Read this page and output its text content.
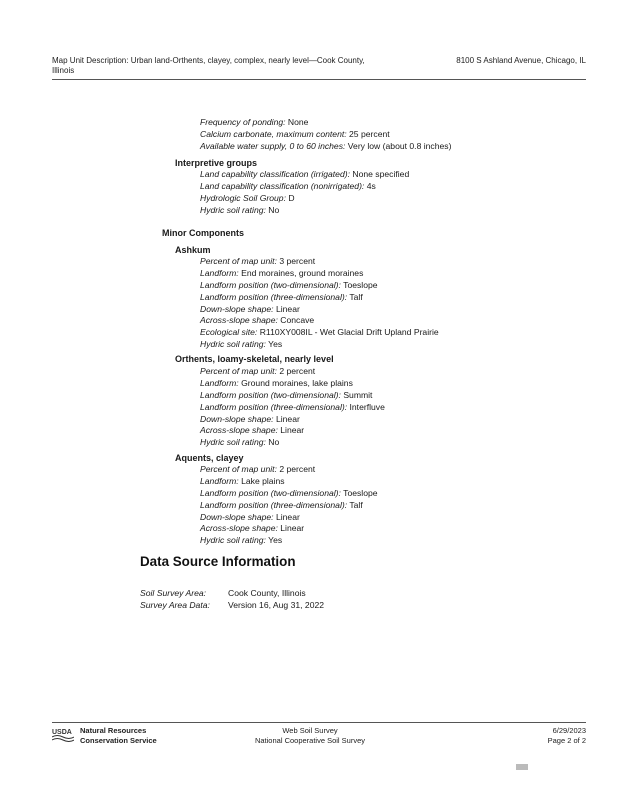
Map Unit Description: Urban land-Orthents, clayey, complex, nearly level—Cook County,
Illinois
8100 S Ashland Avenue, Chicago, IL
Frequency of ponding: None
Calcium carbonate, maximum content: 25 percent
Available water supply, 0 to 60 inches: Very low (about 0.8 inches)
Interpretive groups
Land capability classification (irrigated): None specified
Land capability classification (nonirrigated): 4s
Hydrologic Soil Group: D
Hydric soil rating: No
Minor Components
Ashkum
Percent of map unit: 3 percent
Landform: End moraines, ground moraines
Landform position (two-dimensional): Toeslope
Landform position (three-dimensional): Talf
Down-slope shape: Linear
Across-slope shape: Concave
Ecological site: R110XY008IL - Wet Glacial Drift Upland Prairie
Hydric soil rating: Yes
Orthents, loamy-skeletal, nearly level
Percent of map unit: 2 percent
Landform: Ground moraines, lake plains
Landform position (two-dimensional): Summit
Landform position (three-dimensional): Interfluve
Down-slope shape: Linear
Across-slope shape: Linear
Hydric soil rating: No
Aquents, clayey
Percent of map unit: 2 percent
Landform: Lake plains
Landform position (two-dimensional): Toeslope
Landform position (three-dimensional): Talf
Down-slope shape: Linear
Across-slope shape: Linear
Hydric soil rating: Yes
Data Source Information
Soil Survey Area:	Cook County, Illinois
Survey Area Data: Version 16, Aug 31, 2022
USDA Natural Resources
Conservation Service
Web Soil Survey
National Cooperative Soil Survey
6/29/2023
Page 2 of 2
